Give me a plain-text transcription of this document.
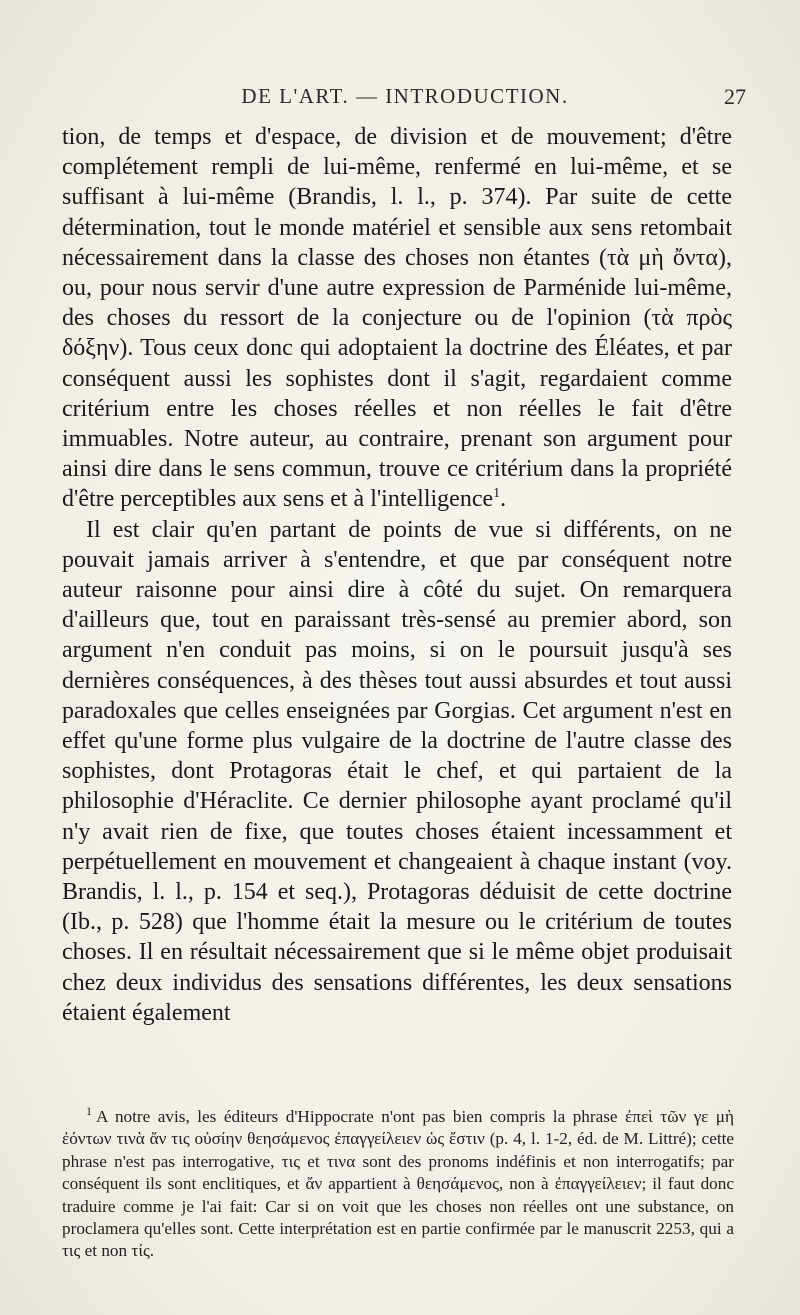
DE L'ART. — INTRODUCTION.	27

tion, de temps et d'espace, de division et de mouvement; d'être complétement rempli de lui-même, renfermé en lui-même, et se suffisant à lui-même (Brandis, l. l., p. 374). Par suite de cette détermination, tout le monde matériel et sensible aux sens retombait nécessairement dans la classe des choses non étantes (τὰ μὴ ὄντα), ou, pour nous servir d'une autre expression de Parménide lui-même, des choses du ressort de la conjecture ou de l'opinion (τὰ πρὸς δόξην). Tous ceux donc qui adoptaient la doctrine des Éléates, et par conséquent aussi les sophistes dont il s'agit, regardaient comme critérium entre les choses réelles et non réelles le fait d'être immuables. Notre auteur, au contraire, prenant son argument pour ainsi dire dans le sens commun, trouve ce critérium dans la propriété d'être perceptibles aux sens et à l'intelligence$^1$.

Il est clair qu'en partant de points de vue si différents, on ne pouvait jamais arriver à s'entendre, et que par conséquent notre auteur raisonne pour ainsi dire à côté du sujet. On remarquera d'ailleurs que, tout en paraissant très-sensé au premier abord, son argument n'en conduit pas moins, si on le poursuit jusqu'à ses dernières conséquences, à des thèses tout aussi absurdes et tout aussi paradoxales que celles enseignées par Gorgias. Cet argument n'est en effet qu'une forme plus vulgaire de la doctrine de l'autre classe des sophistes, dont Protagoras était le chef, et qui partaient de la philosophie d'Héraclite. Ce dernier philosophe ayant proclamé qu'il n'y avait rien de fixe, que toutes choses étaient incessamment et perpétuellement en mouvement et changeaient à chaque instant (voy. Brandis, l. l., p. 154 et seq.), Protagoras déduisit de cette doctrine (Ib., p. 528) que l'homme était la mesure ou le critérium de toutes choses. Il en résultait nécessairement que si le même objet produisait chez deux individus des sensations différentes, les deux sensations étaient également

$^1$ A notre avis, les éditeurs d'Hippocrate n'ont pas bien compris la phrase ἐπεὶ τῶν γε μὴ ἐόντων τινὰ ἄν τις οὐσίην θεησάμενος ἐπαγγείλειεν ὡς ἔστιν (p. 4, l. 1-2, éd. de M. Littré); cette phrase n'est pas interrogative, τις et τινα sont des pronoms indéfinis et non interrogatifs; par conséquent ils sont enclitiques, et ἄν appartient à θεησάμενος, non à ἐπαγγείλειεν; il faut donc traduire comme je l'ai fait: Car si on voit que les choses non réelles ont une substance, on proclamera qu'elles sont. Cette interprétation est en partie confirmée par le manuscrit 2253, qui a τις et non τίς.
